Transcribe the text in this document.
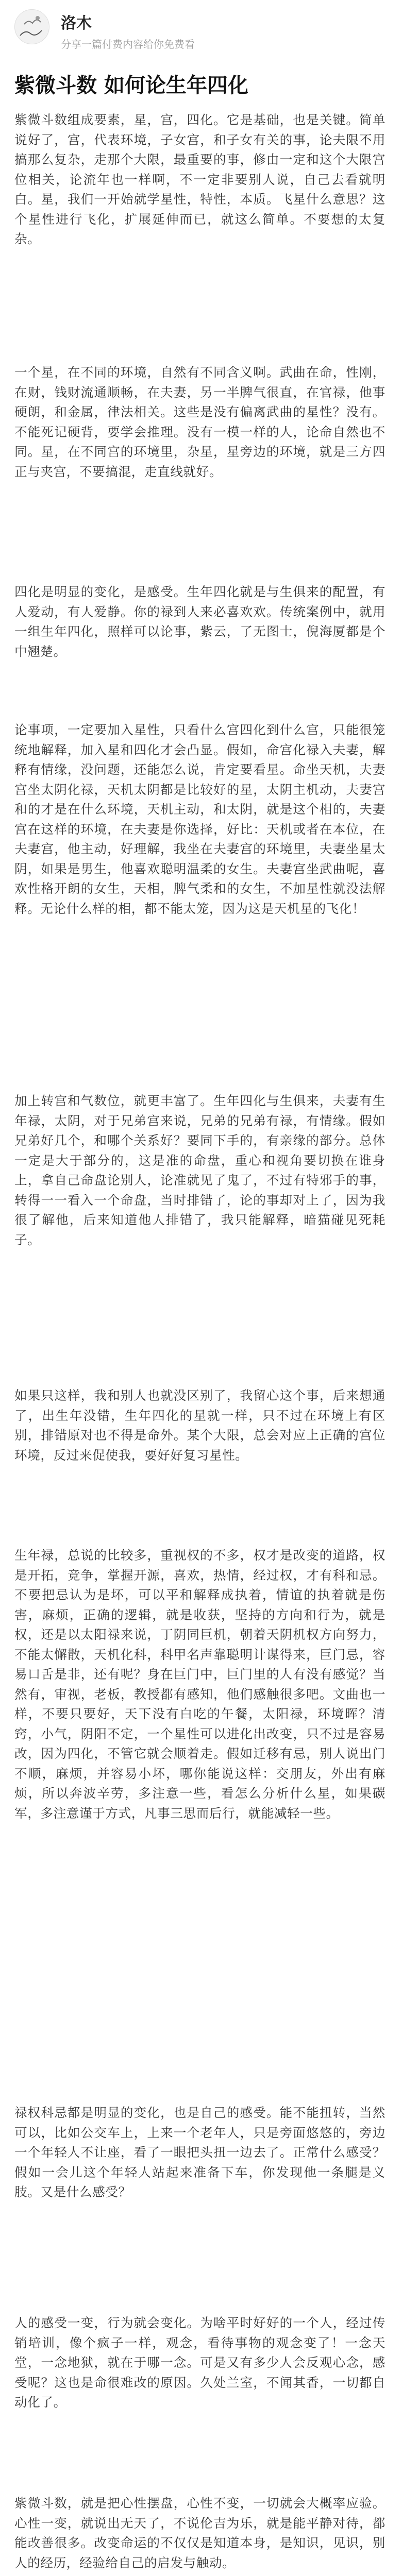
洛木
分享一篇付费内容给你免费看
紫微斗数 如何论生年四化

紫微斗数组成要素，星，宫，四化。它是基础，也是关键。简单说好了，宫，代表环境，子女宫，和子女有关的事，论夫限不用搞那么复杂，走那个大限，最重要的事，修由一定和这个大限宫位相关，论流年也一样啊，不一定非要别人说，自己去看就明白。星，我们一开始就学星性，特性，本质。飞星什么意思？这个星性进行飞化，扩展延伸而已，就这么简单。不要想的太复杂。

一个星，在不同的环境，自然有不同含义啊。武曲在命，性刚，在财，钱财流通顺畅，在夫妻，另一半脾气很直，在官禄，他事硬朗，和金属，律法相关。这些是没有偏离武曲的星性？没有。不能死记硬背，要学会推理。没有一模一样的人，论命自然也不同。星，在不同宫的环境里，杂星，星旁边的环境，就是三方四正与夹宫，不要搞混，走直线就好。

四化是明显的变化，是感受。生年四化就是与生俱来的配置，有人爱动，有人爱静。你的禄到人来必喜欢欢。传统案例中，就用一组生年四化，照样可以论事，紫云，了无图士，倪海厦都是个中翘楚。

论事项，一定要加入星性，只看什么宫四化到什么宫，只能很笼统地解释，加入星和四化才会凸显。假如，命宫化禄入夫妻，解释有情缘，没问题，还能怎么说，肯定要看星。命坐天机，夫妻宫坐太阴化禄，天机太阴都是比较好的星，太阴主机动，夫妻宫和的才是在什么环境，天机主动，和太阴，就是这个相的，夫妻宫在这样的环境，在夫妻是你选择，好比：天机或者在本位，在夫妻宫，他主动，好理解，我坐在夫妻宫的环境里，夫妻坐星太阴，如果是男生，他喜欢聪明温柔的女生。夫妻宫坐武曲呢，喜欢性格开朗的女生，天相，脾气柔和的女生，不加星性就没法解释。无论什么样的相，都不能太笼，因为这是天机星的飞化！

加上转宫和气数位，就更丰富了。生年四化与生俱来，夫妻有生年禄，太阴，对于兄弟宫来说，兄弟的兄弟有禄，有情缘。假如兄弟好几个，和哪个关系好？要同下手的，有亲缘的部分。总体一定是大于部分的，这是准的命盘，重心和视角要切换在谁身上，拿自己命盘论别人，论准就见了鬼了，不过有特邪手的事，转得一一看入一个命盘，当时排错了，论的事却对上了，因为我很了解他，后来知道他人排错了，我只能解释，暗猫碰见死耗子。

如果只这样，我和别人也就没区别了，我留心这个事，后来想通了，出生年没错，生年四化的星就一样，只不过在环境上有区别，排错原对也不得是命外。某个大限，总会对应上正确的宫位环境，反过来促使我，要好好复习星性。

生年禄，总说的比较多，重视权的不多，权才是改变的道路，权是开拓，竞争，掌握开源，喜欢，热情，经过权，才有科和忌。不要把忌认为是坏，可以平和解释成执着，情谊的执着就是伤害，麻烦，正确的逻辑，就是收获，坚持的方向和行为，就是权，还是以太阳禄来说，丁阴同巨机，朝着天阴机权方向努力，不能太懈散，天机化科，科甲名声靠聪明计谋得来，巨门忌，容易口舌是非，还有呢？身在巨门中，巨门里的人有没有感觉？当然有，审视，老板，教授都有感知，他们感触很多吧。文曲也一样，不要只要好，天下没有白吃的午餐，太阳禄，环境晖？清窍，小气，阴阳不定，一个星性可以进化出改变，只不过是容易改，因为四化，不管它就会顺着走。假如迁移有忌，别人说出门不顺，麻烦，并容易小坏，哪你能说这样：交朋友，外出有麻烦，所以奔波辛劳，多注意一些，看怎么分析什么星，如果碳军，多注意谨于方式，凡事三思而后行，就能减轻一些。

禄权科忌都是明显的变化，也是自己的感受。能不能扭转，当然可以，比如公交车上，上来一个老年人，只是旁面悠悠的，旁边一个年轻人不让座，看了一眼把头扭一边去了。正常什么感受？假如一会儿这个年轻人站起来准备下车，你发现他一条腿是义肢。又是什么感受？

人的感受一变，行为就会变化。为啥平时好好的一个人，经过传销培训，像个疯子一样，观念，看待事物的观念变了！一念天堂，一念地狱，就在于哪一念。可是又有多少人会反观心念，感受呢？这也是命很难改的原因。久处兰室，不闻其香，一切都自动化了。

紫微斗数，就是把心性摆盘，心性不变，一切就会大概率应验。心性一变，就说出无天了，不说伦吉为乐，就是能平静对待，都能改善很多。改变命运的不仅仅是知道本身，是知识，见识，别人的经历，经验给自己的启发与触动。
